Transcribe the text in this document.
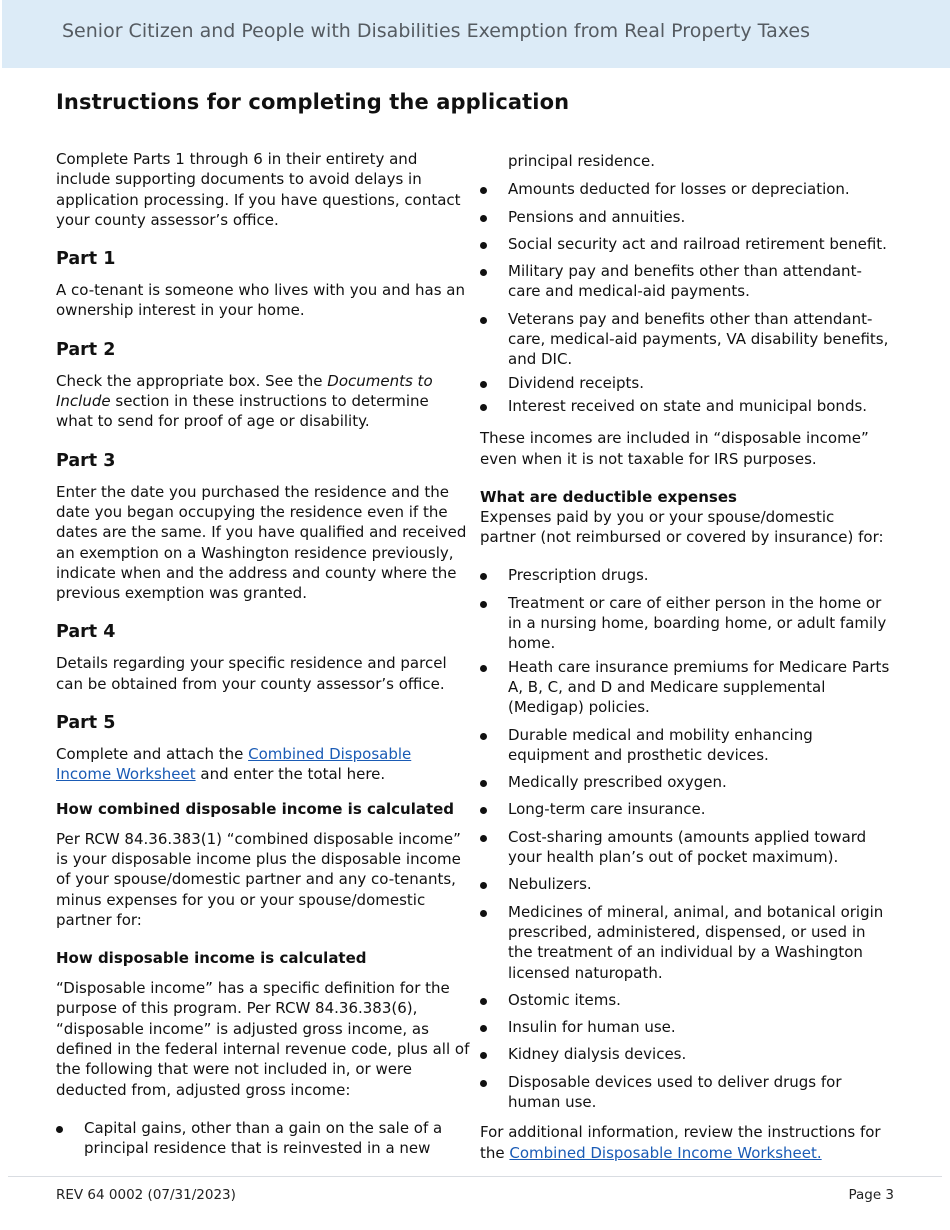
Senior Citizen and People with Disabilities Exemption from Real Property Taxes
Instructions for completing the application

Complete Parts 1 through 6 in their entirety and include supporting documents to avoid delays in application processing. If you have questions, contact your county assessor’s office.

Part 1

A co-tenant is someone who lives with you and has an ownership interest in your home.

Part 2

Check the appropriate box. See the Documents to Include section in these instructions to determine what to send for proof of age or disability.

Part 3

Enter the date you purchased the residence and the date you began occupying the residence even if the dates are the same. If you have qualified and received an exemption on a Washington residence previously, indicate when and the address and county where the previous exemption was granted.

Part 4

Details regarding your specific residence and parcel can be obtained from your county assessor’s office.

Part 5

Complete and attach the Combined Disposable Income Worksheet and enter the total here.

How combined disposable income is calculated

Per RCW 84.36.383(1) “combined disposable income” is your disposable income plus the disposable income of your spouse/domestic partner and any co-tenants, minus expenses for you or your spouse/domestic partner for:

How disposable income is calculated

“Disposable income” has a specific definition for the purpose of this program. Per RCW 84.36.383(6), “disposable income” is adjusted gross income, as defined in the federal internal revenue code, plus all of the following that were not included in, or were deducted from, adjusted gross income:

Capital gains, other than a gain on the sale of a principal residence that is reinvested in a new

principal residence.

Amounts deducted for losses or depreciation.
Pensions and annuities.
Social security act and railroad retirement benefit.
Military pay and benefits other than attendant-care and medical-aid payments.
Veterans pay and benefits other than attendant-care, medical-aid payments, VA disability benefits, and DIC.
Dividend receipts.
Interest received on state and municipal bonds.

These incomes are included in “disposable income” even when it is not taxable for IRS purposes.

What are deductible expenses

Expenses paid by you or your spouse/domestic partner (not reimbursed or covered by insurance) for:

Prescription drugs.
Treatment or care of either person in the home or in a nursing home, boarding home, or adult family home.
Heath care insurance premiums for Medicare Parts A, B, C, and D and Medicare supplemental (Medigap) policies.
Durable medical and mobility enhancing equipment and prosthetic devices.
Medically prescribed oxygen.
Long-term care insurance.
Cost-sharing amounts (amounts applied toward your health plan’s out of pocket maximum).
Nebulizers.
Medicines of mineral, animal, and botanical origin prescribed, administered, dispensed, or used in the treatment of an individual by a Washington licensed naturopath.
Ostomic items.
Insulin for human use.
Kidney dialysis devices.
Disposable devices used to deliver drugs for human use.

For additional information, review the instructions for the Combined Disposable Income Worksheet.

REV 64 0002 (07/31/2023)	Page 3
